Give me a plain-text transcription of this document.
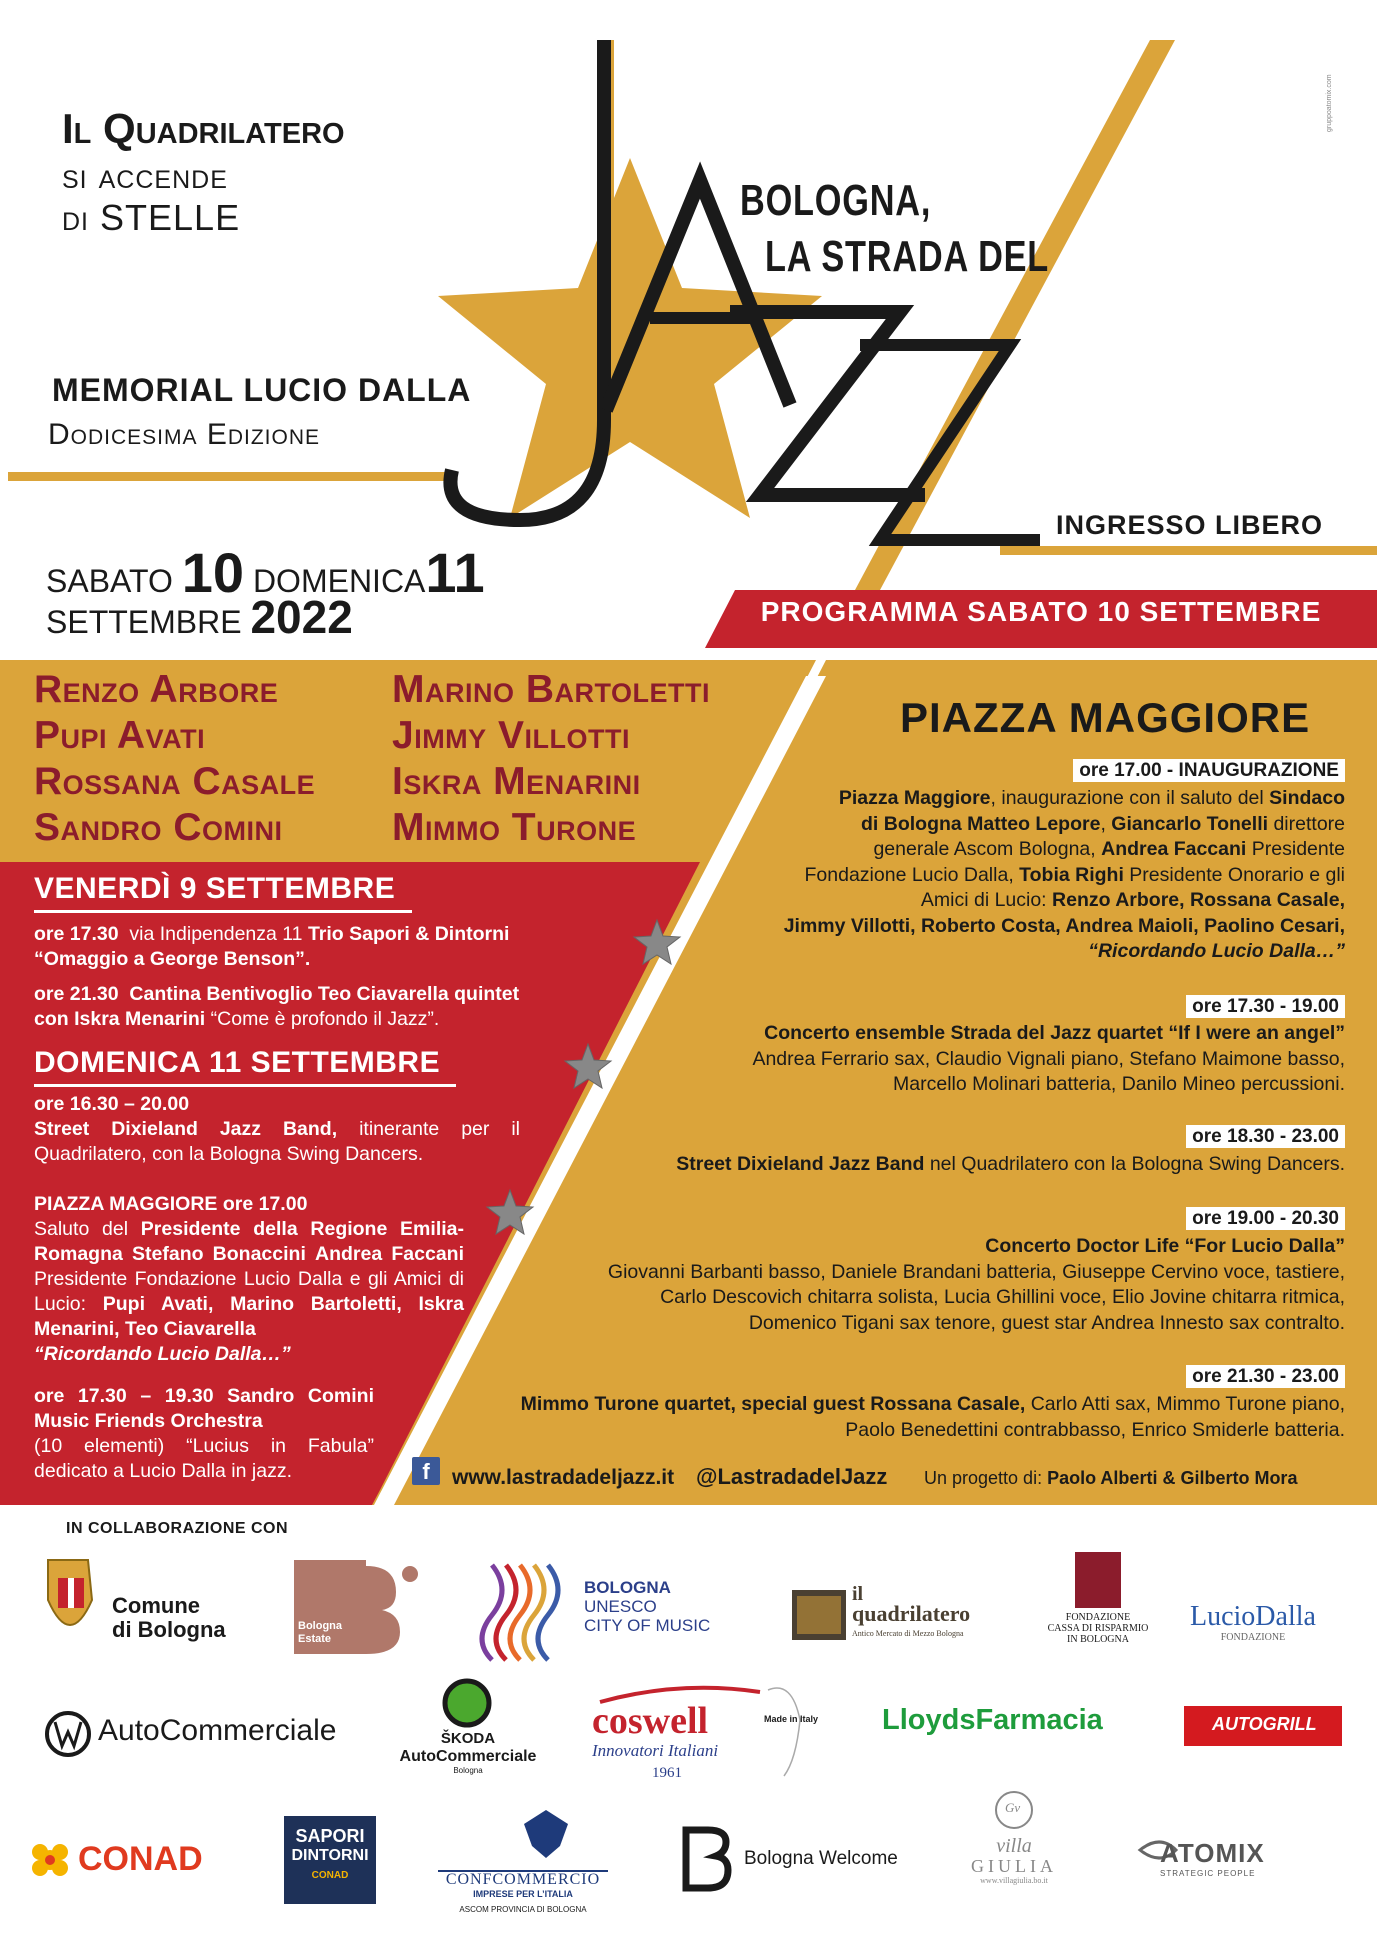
Il Quadrilatero
si accende
di STELLE
MEMORIAL LUCIO DALLA
Dodicesima Edizione
BOLOGNA,
LA STRADA DEL
INGRESSO LIBERO
SABATO 10 DOMENICA11
SETTEMBRE 2022	PROGRAMMA SABATO 10 SETTEMBRE
gruppoatomix.com
Renzo Arbore
Pupi Avati
Rossana Casale
Sandro Comini
Marino Bartoletti
Jimmy Villotti
Iskra Menarini
Mimmo Turone
VENERDÌ 9 SETTEMBRE
ore 17.30 via Indipendenza 11 Trio Sapori & Dintorni
“Omaggio a George Benson”.
ore 21.30 Cantina Bentivoglio Teo Ciavarella quintet
con Iskra Menarini “Come è profondo il Jazz”.
DOMENICA 11 SETTEMBRE
ore 16.30 – 20.00
Street Dixieland Jazz Band, itinerante per il Quadrilatero, con la Bologna Swing Dancers.
PIAZZA MAGGIORE ore 17.00
Saluto del Presidente della Regione Emilia-Romagna Stefano Bonaccini Andrea Faccani Presidente Fondazione Lucio Dalla e gli Amici di Lucio: Pupi Avati, Marino Bartoletti, Iskra Menarini, Teo Ciavarella
“Ricordando Lucio Dalla…”
ore 17.30 – 19.30 Sandro Comini Music Friends Orchestra
(10 elementi) “Lucius in Fabula” dedicato a Lucio Dalla in jazz.
PIAZZA MAGGIORE
ore 17.00 - INAUGURAZIONE
Piazza Maggiore, inaugurazione con il saluto del Sindaco
di Bologna Matteo Lepore, Giancarlo Tonelli direttore
generale Ascom Bologna, Andrea Faccani Presidente
Fondazione Lucio Dalla, Tobia Righi Presidente Onorario e gli
Amici di Lucio: Renzo Arbore, Rossana Casale,
Jimmy Villotti, Roberto Costa, Andrea Maioli, Paolino Cesari,
“Ricordando Lucio Dalla…”
ore 17.30 - 19.00
Concerto ensemble Strada del Jazz quartet “If I were an angel”
Andrea Ferrario sax, Claudio Vignali piano, Stefano Maimone basso,
Marcello Molinari batteria, Danilo Mineo percussioni.
ore 18.30 - 23.00
Street Dixieland Jazz Band nel Quadrilatero con la Bologna Swing Dancers.
ore 19.00 - 20.30
Concerto Doctor Life “For Lucio Dalla”
Giovanni Barbanti basso, Daniele Brandani batteria, Giuseppe Cervino voce, tastiere,
Carlo Descovich chitarra solista, Lucia Ghillini voce, Elio Jovine chitarra ritmica,
Domenico Tigani sax tenore, guest star Andrea Innesto sax contralto.
ore 21.30 - 23.00
Mimmo Turone quartet, special guest Rossana Casale, Carlo Atti sax, Mimmo Turone piano,
Paolo Benedettini contrabbasso, Enrico Smiderle batteria.
f	www.lastradadeljazz.it @LastradadelJazz Un progetto di: Paolo Alberti & Gilberto Mora
IN COLLABORAZIONE CON
Comune
di Bologna	Bologna
Estate
BOLOGNA
UNESCO
CITY OF MUSIC
il
quadrilatero
Antico Mercato di Mezzo Bologna
FONDAZIONE
CASSA DI RISPARMIO
IN BOLOGNA
LucioDalla
FONDAZIONE
AutoCommerciale	ŠKODA
AutoCommerciale
Bologna
coswell
Innovatori Italiani
1961
Made in Italy LloydsFarmacia	AUTOGRILL
CONAD
SAPORI
DINTORNI
CONAD	CONFCOMMERCIO
IMPRESE PER L’ITALIA
ASCOM PROVINCIA DI BOLOGNA
Bologna Welcome
Gv
villa
GIULIA
www.villagiulia.bo.it
ATOMIX
STRATEGIC PEOPLE
